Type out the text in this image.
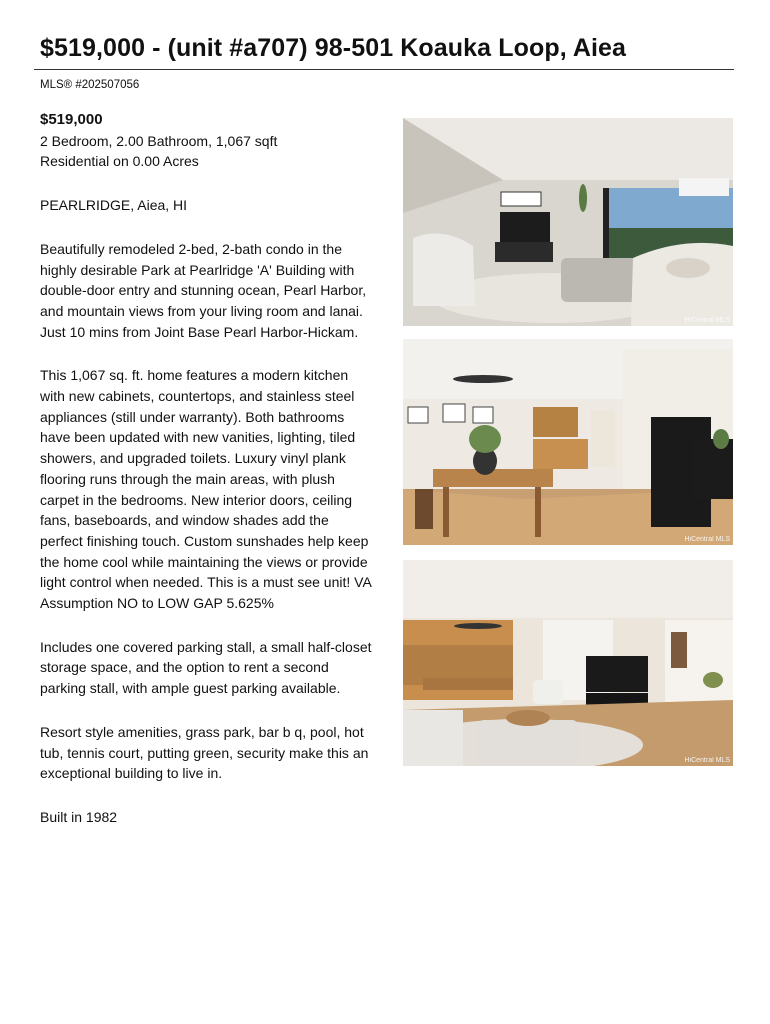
$519,000 - (unit #a707) 98-501 Koauka Loop, Aiea
MLS® #202507056

$519,000

2 Bedroom, 2.00 Bathroom, 1,067 sqft

Residential on 0.00 Acres

PEARLRIDGE, Aiea, HI

Beautifully remodeled 2-bed, 2-bath condo in the highly desirable Park at Pearlridge 'A' Building with double-door entry and stunning ocean, Pearl Harbor, and mountain views from your living room and lanai. Just 10 mins from Joint Base Pearl Harbor-Hickam.

This 1,067 sq. ft. home features a modern kitchen with new cabinets, countertops, and stainless steel appliances (still under warranty). Both bathrooms have been updated with new vanities, lighting, tiled showers, and upgraded toilets. Luxury vinyl plank flooring runs through the main areas, with plush carpet in the bedrooms. New interior doors, ceiling fans, baseboards, and window shades add the perfect finishing touch. Custom sunshades help keep the home cool while maintaining the views or provide light control when needed. This is a must see unit! VA Assumption NO to LOW GAP 5.625%

Includes one covered parking stall, a small half-closet storage space, and the option to rent a second parking stall, with ample guest parking available.

Resort style amenities, grass park, bar b q, pool, hot tub, tennis court, putting green, security make this an exceptional building to live in.

Built in 1982

HiCentral MLS
HiCentral MLS
HiCentral MLS
